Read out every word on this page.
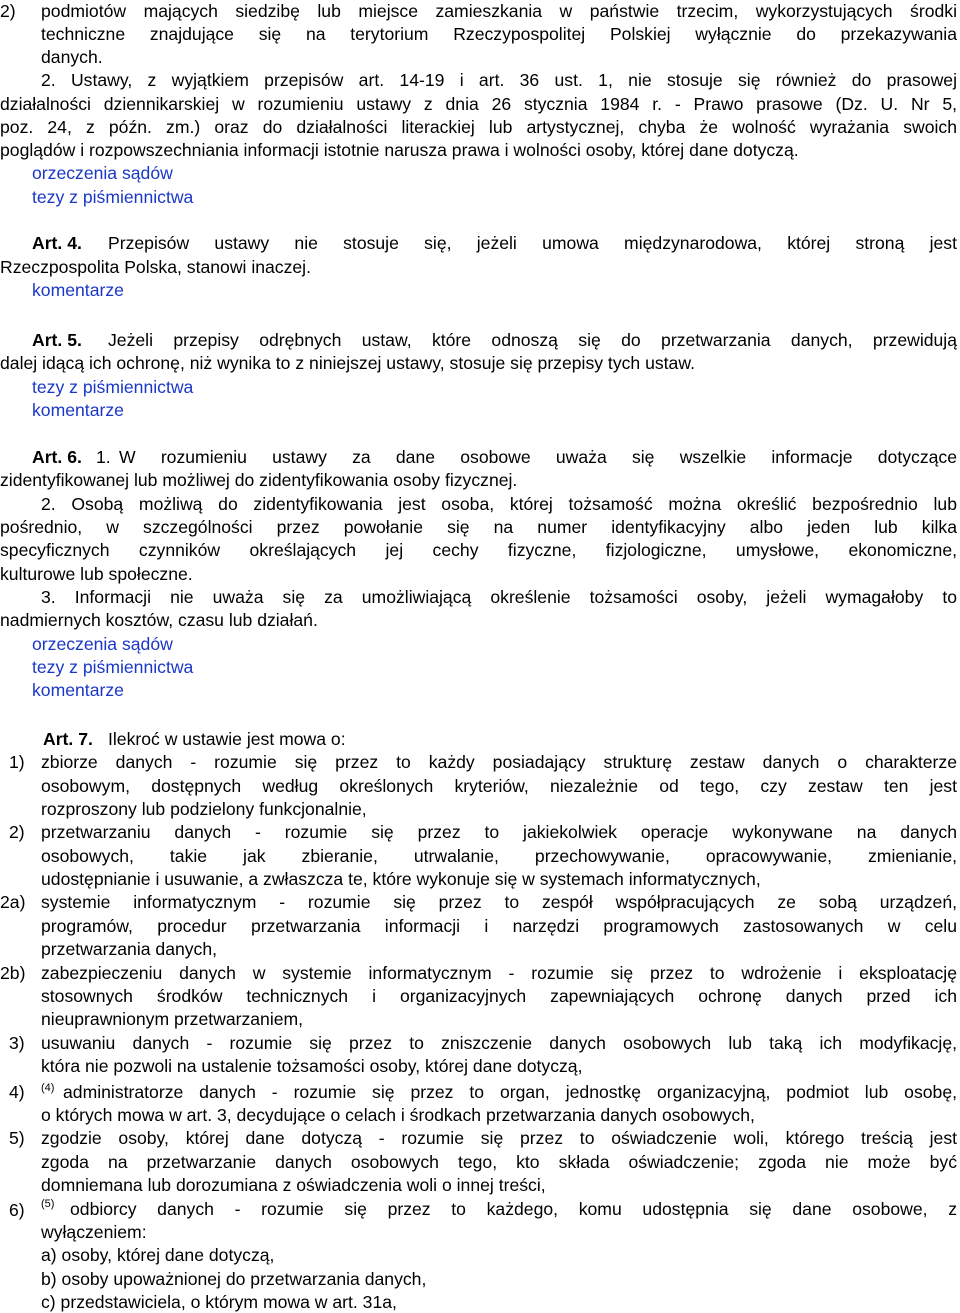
2) podmiotów mających siedzibę lub miejsce zamieszkania w państwie trzecim, wykorzystujących środki
techniczne znajdujące się na terytorium Rzeczypospolitej Polskiej wyłącznie do przekazywania
danych.
2. Ustawy, z wyjątkiem przepisów art. 14-19 i art. 36 ust. 1, nie stosuje się również do prasowej
działalności dziennikarskiej w rozumieniu ustawy z dnia 26 stycznia 1984 r. - Prawo prasowe (Dz. U. Nr 5,
poz. 24, z późn. zm.) oraz do działalności literackiej lub artystycznej, chyba że wolność wyrażania swoich
poglądów i rozpowszechniania informacji istotnie narusza prawa i wolności osoby, której dane dotyczą.
orzeczenia sądów
tezy z piśmiennictwa
Art. 4. Przepisów ustawy nie stosuje się, jeżeli umowa międzynarodowa, której stroną jest
Rzeczpospolita Polska, stanowi inaczej.
komentarze
Art. 5. Jeżeli przepisy odrębnych ustaw, które odnoszą się do przetwarzania danych, przewidują
dalej idącą ich ochronę, niż wynika to z niniejszej ustawy, stosuje się przepisy tych ustaw.
tezy z piśmiennictwa
komentarze
Art. 6. 1. W rozumieniu ustawy za dane osobowe uważa się wszelkie informacje dotyczące
zidentyfikowanej lub możliwej do zidentyfikowania osoby fizycznej.
2. Osobą możliwą do zidentyfikowania jest osoba, której tożsamość można określić bezpośrednio lub
pośrednio, w szczególności przez powołanie się na numer identyfikacyjny albo jeden lub kilka
specyficznych czynników określających jej cechy fizyczne, fizjologiczne, umysłowe, ekonomiczne,
kulturowe lub społeczne.
3. Informacji nie uważa się za umożliwiającą określenie tożsamości osoby, jeżeli wymagałoby to
nadmiernych kosztów, czasu lub działań.
orzeczenia sądów
tezy z piśmiennictwa
komentarze
Art. 7. Ilekroć w ustawie jest mowa o:
1) zbiorze danych - rozumie się przez to każdy posiadający strukturę zestaw danych o charakterze
osobowym, dostępnych według określonych kryteriów, niezależnie od tego, czy zestaw ten jest
rozproszony lub podzielony funkcjonalnie,
2) przetwarzaniu danych - rozumie się przez to jakiekolwiek operacje wykonywane na danych
osobowych, takie jak zbieranie, utrwalanie, przechowywanie, opracowywanie, zmienianie,
udostępnianie i usuwanie, a zwłaszcza te, które wykonuje się w systemach informatycznych,
2a) systemie informatycznym - rozumie się przez to zespół współpracujących ze sobą urządzeń,
programów, procedur przetwarzania informacji i narzędzi programowych zastosowanych w celu
przetwarzania danych,
2b) zabezpieczeniu danych w systemie informatycznym - rozumie się przez to wdrożenie i eksploatację
stosownych środków technicznych i organizacyjnych zapewniających ochronę danych przed ich
nieuprawnionym przetwarzaniem,
3) usuwaniu danych - rozumie się przez to zniszczenie danych osobowych lub taką ich modyfikację,
która nie pozwoli na ustalenie tożsamości osoby, której dane dotyczą,
4) (4) administratorze danych - rozumie się przez to organ, jednostkę organizacyjną, podmiot lub osobę,
o których mowa w art. 3, decydujące o celach i środkach przetwarzania danych osobowych,
5) zgodzie osoby, której dane dotyczą - rozumie się przez to oświadczenie woli, którego treścią jest
zgoda na przetwarzanie danych osobowych tego, kto składa oświadczenie; zgoda nie może być
domniemana lub dorozumiana z oświadczenia woli o innej treści,
6) (5) odbiorcy danych - rozumie się przez to każdego, komu udostępnia się dane osobowe, z
wyłączeniem:
a) osoby, której dane dotyczą,
b) osoby upoważnionej do przetwarzania danych,
c) przedstawiciela, o którym mowa w art. 31a,
